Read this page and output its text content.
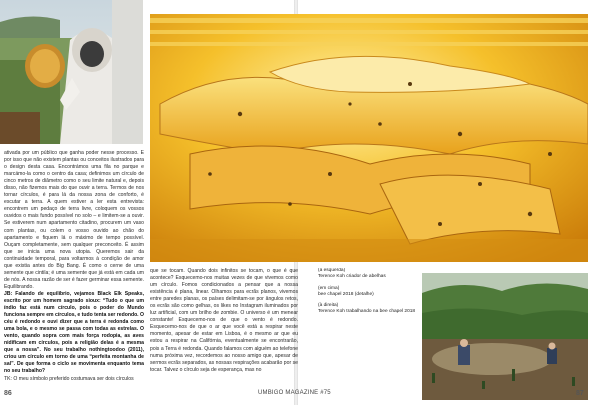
ativada por um público que ganha poder nesse processo. É por isso que não existem plantas ou conceitos ilustrados para o design desta casa. Encontrámos uma fila no parque e marcámo-la como o centro da casa; definimos um círculo de cinco metros de diâmetro como o seu limite natural e, depois disso, não fizemos mais do que ouvir a terra. Termos de nos tornar círculos, é para lá da nossa zona de conforto, é escutar a terra. A quem estiver a ler esta entrevista: encontrem um pedaço de terra livre, coloquem os vossos ouvidos o mais fundo possível no solo – e limitem-se a ouvir. Se estiverem num apartamento citadino, procurem um vaso com plantas, ou colem o vosso ouvido ao chão do apartamento e fiquem lá o máximo de tempo possível. Ouçam completamente, sem qualquer preconceito. É assim que se inicia uma nova utopia. Queremos sair da continuidade temporal, para voltarmos à condição de amor que existia antes do Big Bang. É como o cerne de uma semente que cintila; é uma semente que já está em cada um de nós. A nossa razão de ser é fazer germinar essa semente. Equilibrando.

JB: Falando de equilíbrio, vejamos Black Elk Speaks, escrito por um homem sagrado sioux: “Tudo o que um índio faz está num círculo, pois o poder do Mundo funciona sempre em círculos, e tudo tenta ser redondo. O céu é redondo e ouvi dizer que a terra é redonda como uma bola, e o mesmo se passa com todas as estrelas. O vento, quando sopra com mais força rodopia, as aves nidificam em círculos, pois a religião delas é a mesma que a nossa”. No seu trabalho nothingtoodoo (2011), criou um círculo em torno de uma “perfeita montanha de sal”. De que forma o ciclo se movimenta enquanto tema no seu trabalho?

TK: O meu símbolo preferido costumava ser dois círculos

que se tocam. Quando dois infinitos se tocam, o que é que acontece? Esquecemo-nos muitas vezes de que vivemos como um círculo. Fomos condicionados a pensar que a nossa existência é plana, linear. Olhamos para ecrãs planos, vivemos entre paredes planas, os países delimitam-se por ângulos retos, os ecrãs são como gelhas, os likes no Instagram iluminados por luz artificial, com um brilho de zombie. O universo é um menear constante! Esquecemo-nos de que o vento é redondo. Esquecemo-nos de que o ar que você está a respirar neste momento, apesar de estar em Lisboa, é o mesmo ar que eu estou a respirar na Califórnia, eventualmente se encontrarão, pois a Terra é redonda. Quando falamos com alguém ao telefone numa próxima vez, recordemos ao nosso amigo que, apesar de sermos ecrãs separados, as nossas respirações acabarão por se tocar. Talvez o círculo seja de esperança, mas no

(à esquerda)
Terence Koh criador de abelhas
(em cima)
bee chapel 2018 (detalhe)
(à direita)
Terence Koh trabalhando na bee chapel 2018
86	UMBIGO MAGAZINE #75	87
